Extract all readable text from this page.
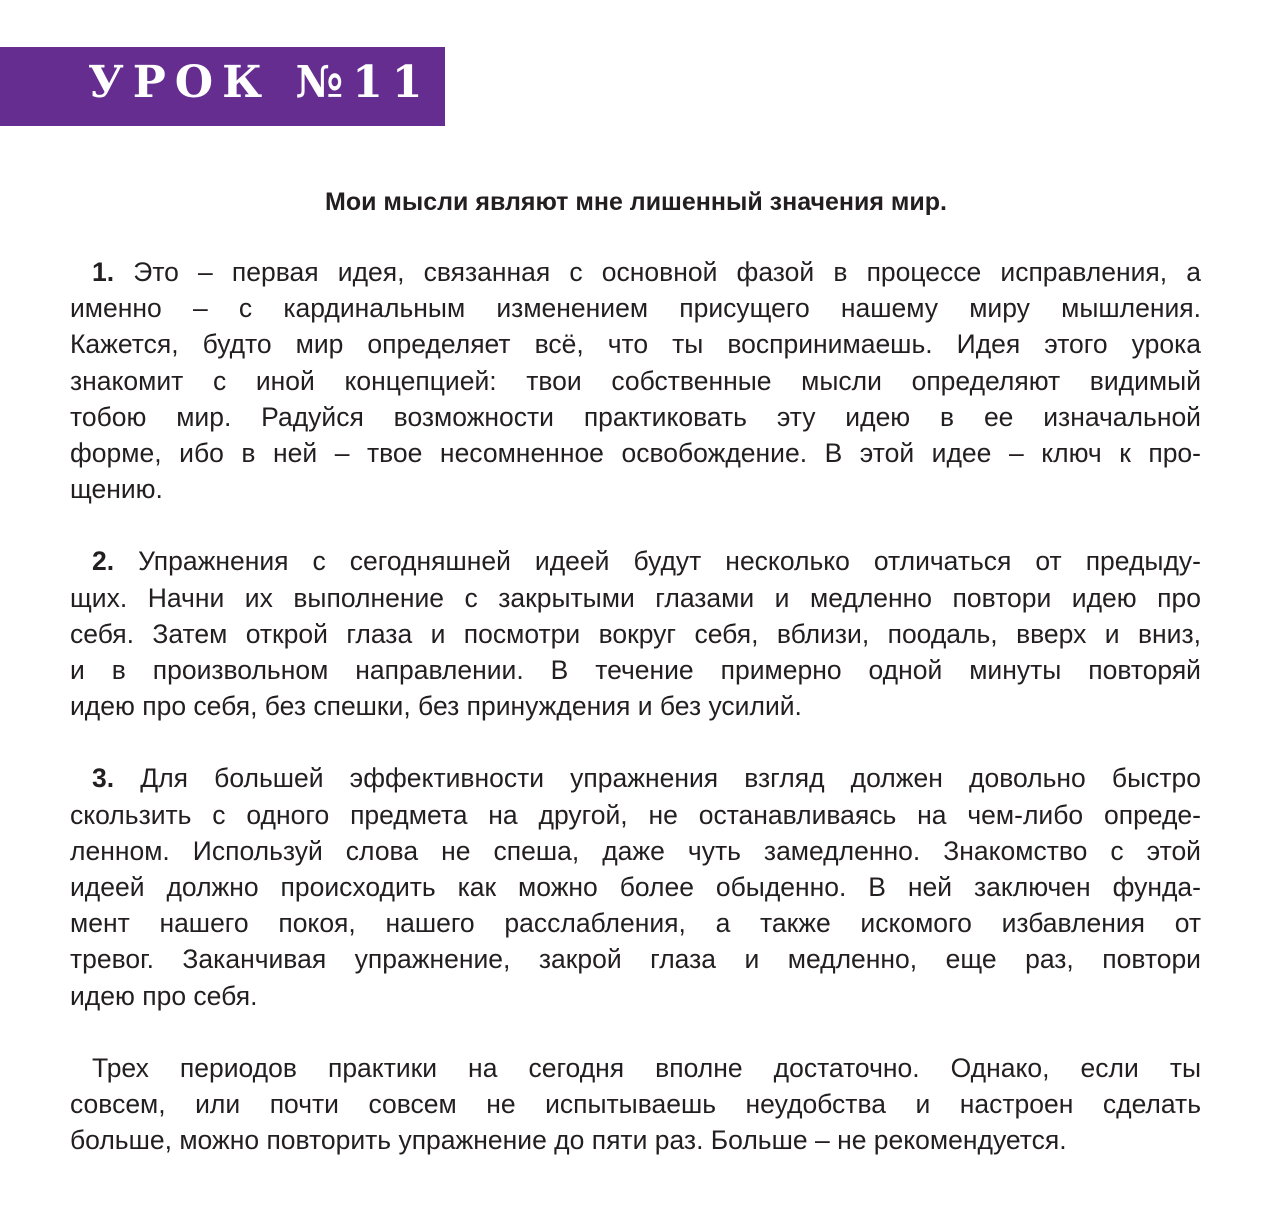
УРОК №11
Мои мысли являют мне лишенный значения мир.
1. Это – первая идея, связанная с основной фазой в процессе исправления, а
именно – с кардинальным изменением присущего нашему миру мышления.
Кажется, будто мир определяет всё, что ты воспринимаешь. Идея этого урока
знакомит с иной концепцией: твои собственные мысли определяют видимый
тобою мир. Радуйся возможности практиковать эту идею в ее изначальной
форме, ибо в ней – твое несомненное освобождение. В этой идее – ключ к про-
щению.
2. Упражнения с сегодняшней идеей будут несколько отличаться от предыду-
щих. Начни их выполнение с закрытыми глазами и медленно повтори идею про
себя. Затем открой глаза и посмотри вокруг себя, вблизи, поодаль, вверх и вниз,
и в произвольном направлении. В течение примерно одной минуты повторяй
идею про себя, без спешки, без принуждения и без усилий.
3. Для большей эффективности упражнения взгляд должен довольно быстро
скользить с одного предмета на другой, не останавливаясь на чем-либо опреде-
ленном. Используй слова не спеша, даже чуть замедленно. Знакомство с этой
идеей должно происходить как можно более обыденно. В ней заключен фунда-
мент нашего покоя, нашего расслабления, а также искомого избавления от
тревог. Заканчивая упражнение, закрой глаза и медленно, еще раз, повтори
идею про себя.
Трех периодов практики на сегодня вполне достаточно. Однако, если ты
совсем, или почти совсем не испытываешь неудобства и настроен сделать
больше, можно повторить упражнение до пяти раз. Больше – не рекомендуется.
